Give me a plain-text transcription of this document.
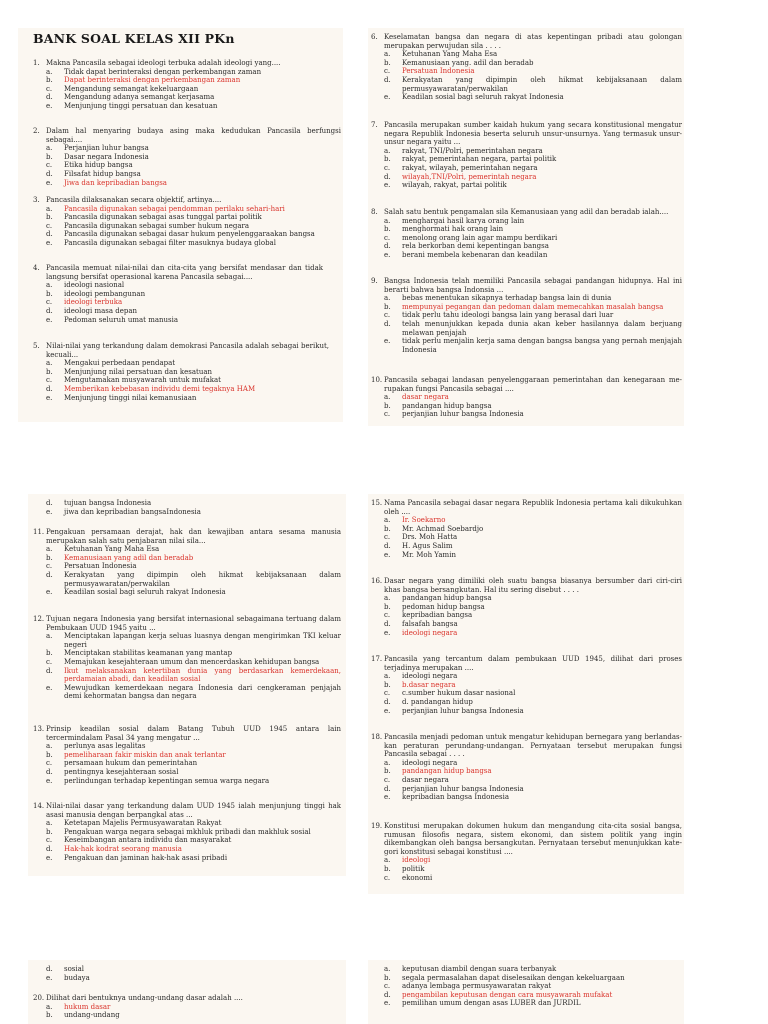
BANK SOAL KELAS XII PKn
1. Makna Pancasila sebagai ideologi terbuka adalah ideologi yang....
a.	Tidak dapat berinteraksi dengan perkembangan zaman
b.	Dapat berinteraksi dengan perkembangan zaman
c.	Mengandung semangat kekeluargaan
d.	Mengandung adanya semangat kerjasama
e.	Menjunjung tinggi persatuan dan kesatuan
2. Dalam hal menyaring budaya asing maka kedudukan Pancasila berfungsi sebagai....
a.	Perjanjian luhur bangsa
b.	Dasar negara Indonesia
c.	Etika hidup bangsa
d.	Filsafat hidup bangsa
e.	Jiwa dan kepribadian bangsa
3. Pancasila dilaksanakan secara objektif, artinya....
a.	Pancasila digunakan sebagai pendomman perilaku sehari-hari
b.	Pancasila digunakan sebagai asas tunggal partai politik
c.	Pancasila digunakan sebagai sumber hukum negara
d.	Pancasila digunakan sebagai dasar hukum penyelenggaraakan bangsa
e.	Pancasila digunakan sebagai filter masuknya budaya global
4. Pancasila memuat nilai-nilai dan cita-cita yang bersifat mendasar dan tidak langsung bersifat operasional karena Pancasila sebagai....
a.	ideologi nasional
b.	ideologi pembangunan
c.	ideologi terbuka
d.	ideologi masa depan
e.	Pedoman seluruh umat manusia
5. Nilai-nilai yang terkandung dalam demokrasi Pancasila adalah sebagai berikut, kecuali...
a.	Mengakui perbedaan pendapat
b.	Menjunjung nilai persatuan dan kesatuan
c.	Mengutamakan musyawarah untuk mufakat
d.	Memberikan kebebasan individu demi tegaknya HAM
e.	Menjunjung tinggi nilai kemanusiaan
6. Keselamatan bangsa dan negara di atas kepentingan pribadi atau golongan merupakan perwujudan sila . . . .
a.	Ketuhanan Yang Maha Esa
b.	Kemanusiaan yang. adil dan beradab
c.	Persatuan Indonesia
d.	Kerakyatan yang dipimpin oleh hikmat kebijaksanaan dalam permusyawaratan/perwakilan
e.	Keadilan sosial bagi seluruh rakyat Indonesia
7. Pancasila merupakan sumber kaidah hukum yang secara konstitusional mengatur negara Republik Indonesia beserta seluruh unsur-unsurnya. Yang termasuk unsur-unsur negara yaitu ...
a.	rakyat, TNI/Polri, pemerintahan negara
b.	rakyat, pemerintahan negara, partai politik
c.	rakyat, wilayah, pemerintahan negara
d.	wilayah,TNI/Polri, pemerintah negara
e.	wilayah, rakyat, partai politik
8. Salah satu bentuk pengamalan sila Kemanusiaan yang adil dan beradab ialah....
a.	menghargai hasil karya orang lain
b.	menghormati hak orang lain
c.	menolong orang lain agar mampu berdikari
d.	rela berkorban demi kepentingan bangsa
e.	berani membela kebenaran dan keadilan
9. Bangsa Indonesia telah memiliki Pancasila sebagai pandangan hidupnya. Hal ini berarti bahwa bangsa Indonsia ...
a.	bebas menentukan sikapnya terhadap bangsa lain di dunia
b.	mempunyai pegangan dan pedoman dalam memecahkan masalah bangsa
c.	tidak perlu tahu ideologi bangsa lain yang berasal dari luar
d.	telah menunjukkan kepada dunia akan keber hasilannya dalam berjuang melawan penjajah
e.	tidak perlu menjalin kerja sama dengan bangsa bangsa yang pernah menjajah Indonesia
10. Pancasila sebagai landasan penyelenggaraan pemerintahan dan kenegaraan me- rupakan fungsi Pancasila sebagai ....
a.	dasar negara
b.	pandangan hidup bangsa
c.	perjanjian luhur bangsa Indonesia
d.	tujuan bangsa Indonesia
e.	jiwa dan kepribadian bangsaIndonesia
11. Pengakuan persamaan derajat, hak dan kewajiban antara sesama manusia merupakan salah satu penjabaran nilai sila...
a.	Ketuhanan Yang Maha Esa
b.	Kemanusiaan yang adil dan beradab
c.	Persatuan Indonesia
d.	Kerakyatan yang dipimpin oleh hikmat kebijaksanaan dalam permusyawaratan/perwakilan
e.	Keadilan sosial bagi seluruh rakyat Indonesia
12. Tujuan negara Indonesia yang bersifat internasional sebagaimana tertuang dalam Pembukaan UUD 1945 yaitu ...
a.	Menciptakan lapangan kerja seluas luasnya dengan mengirimkan TKI keluar negeri
b.	Menciptakan stabilitas keamanan yang mantap
c.	Memajukan kesejahteraan umum dan mencerdaskan kehidupan bangsa
d.	Ikut melaksanakan ketertiban dunia yang berdasarkan kemerdekaan, perdamaian abadi, dan keadilan sosial
e.	Mewujudkan kemerdekaan negara Indonesia dari cengkeraman penjajah demi kehormatan bangsa dan negara
13. Prinsip keadilan sosial dalam Batang Tubuh UUD 1945 antara lain tercermindalam Pasal 34 yang mengatur ...
a.	perlunya asas legalitas
b.	pemeliharaan fakir miskin dan anak terlantar
c.	persamaan hukum dan pemerintahan
d.	pentingnya kesejahteraan sosial
e.	perlindungan terhadap kepentingan semua warga negara
14. Nilai-nilai dasar yang terkandung dalam UUD 1945 ialah menjunjung tinggi hak asasi manusia dengan berpangkal atas ...
a.	Ketetapan Majelis Permusyawaratan Rakyat
b.	Pengakuan warga negara sebagai mkhluk pribadi dan makhluk sosial
c.	Keseimbangan antara individu dan masyarakat
d.	Hak-hak kodrat seorang manusia
e.	Pengakuan dan jaminan hak-hak asasi pribadi
15. Nama Pancasila sebagai dasar negara Republik Indonesia pertama kali dikukuhkan oleh ....
a.	Ir. Soekarno
b.	Mr. Achmad Soebardjo
c.	Drs. Moh Hatta
d.	H. Agus Salim
e.	Mr. Moh Yamin
16. Dasar negara yang dimiliki oleh suatu bangsa biasanya bersumber dari ciri-ciri khas bangsa bersangkutan. Hal itu sering disebut . . . .
a.	pandangan hidup bangsa
b.	pedoman hidup bangsa
c.	kepribadian bangsa
d.	falsafah bangsa
e.	ideologi negara
17. Pancasila yang tercantum dalam pembukaan UUD 1945, dilihat dari proses terjadinya merupakan ....
a.	ideologi negara
b.	b.dasar negara
c.	c.sumber hukum dasar nasional
d.	d. pandangan hidup
e.	perjanjian luhur bangsa Indonesia
18. Pancasila menjadi pedoman untuk mengatur kehidupan bernegara yang berlandas- kan peraturan perundang-undangan. Pernyataan tersebut merupakan fungsi Pancasila sebagai . . . .
a.	ideologi negara
b.	pandangan hidup bangsa
c.	dasar negara
d.	perjanjian luhur bangsa Indonesia
e.	kepribadian bangsa Indonesia
19. Konstitusi merupakan dokumen hukum dan mengandung cita-cita sosial bangsa, rumusan filosofis negara, sistem ekonomi, dan sistem politik yang ingin dikembangkan oleh bangsa bersangkutan. Pernyataan tersebut menunjukkan kate- gori konstitusi sebagai konstitusi ....
a.	ideologi
b.	politik
c.	ekonomi
d.	sosial
e.	budaya
20. Dilihat dari bentuknya undang-undang dasar adalah ....
a.	hukum dasar
b.	undang-undang
a.	keputusan diambil dengan suara terbanyak
b.	segala permasalahan dapat diselesaikan dengan kekeluargaan
c.	adanya lembaga permusyawaratan rakyat
d.	pengambilan keputusan dengan cara musyawarah mufakat
e.	pemilihan umum dengan asas LUBER dan JURDIL
